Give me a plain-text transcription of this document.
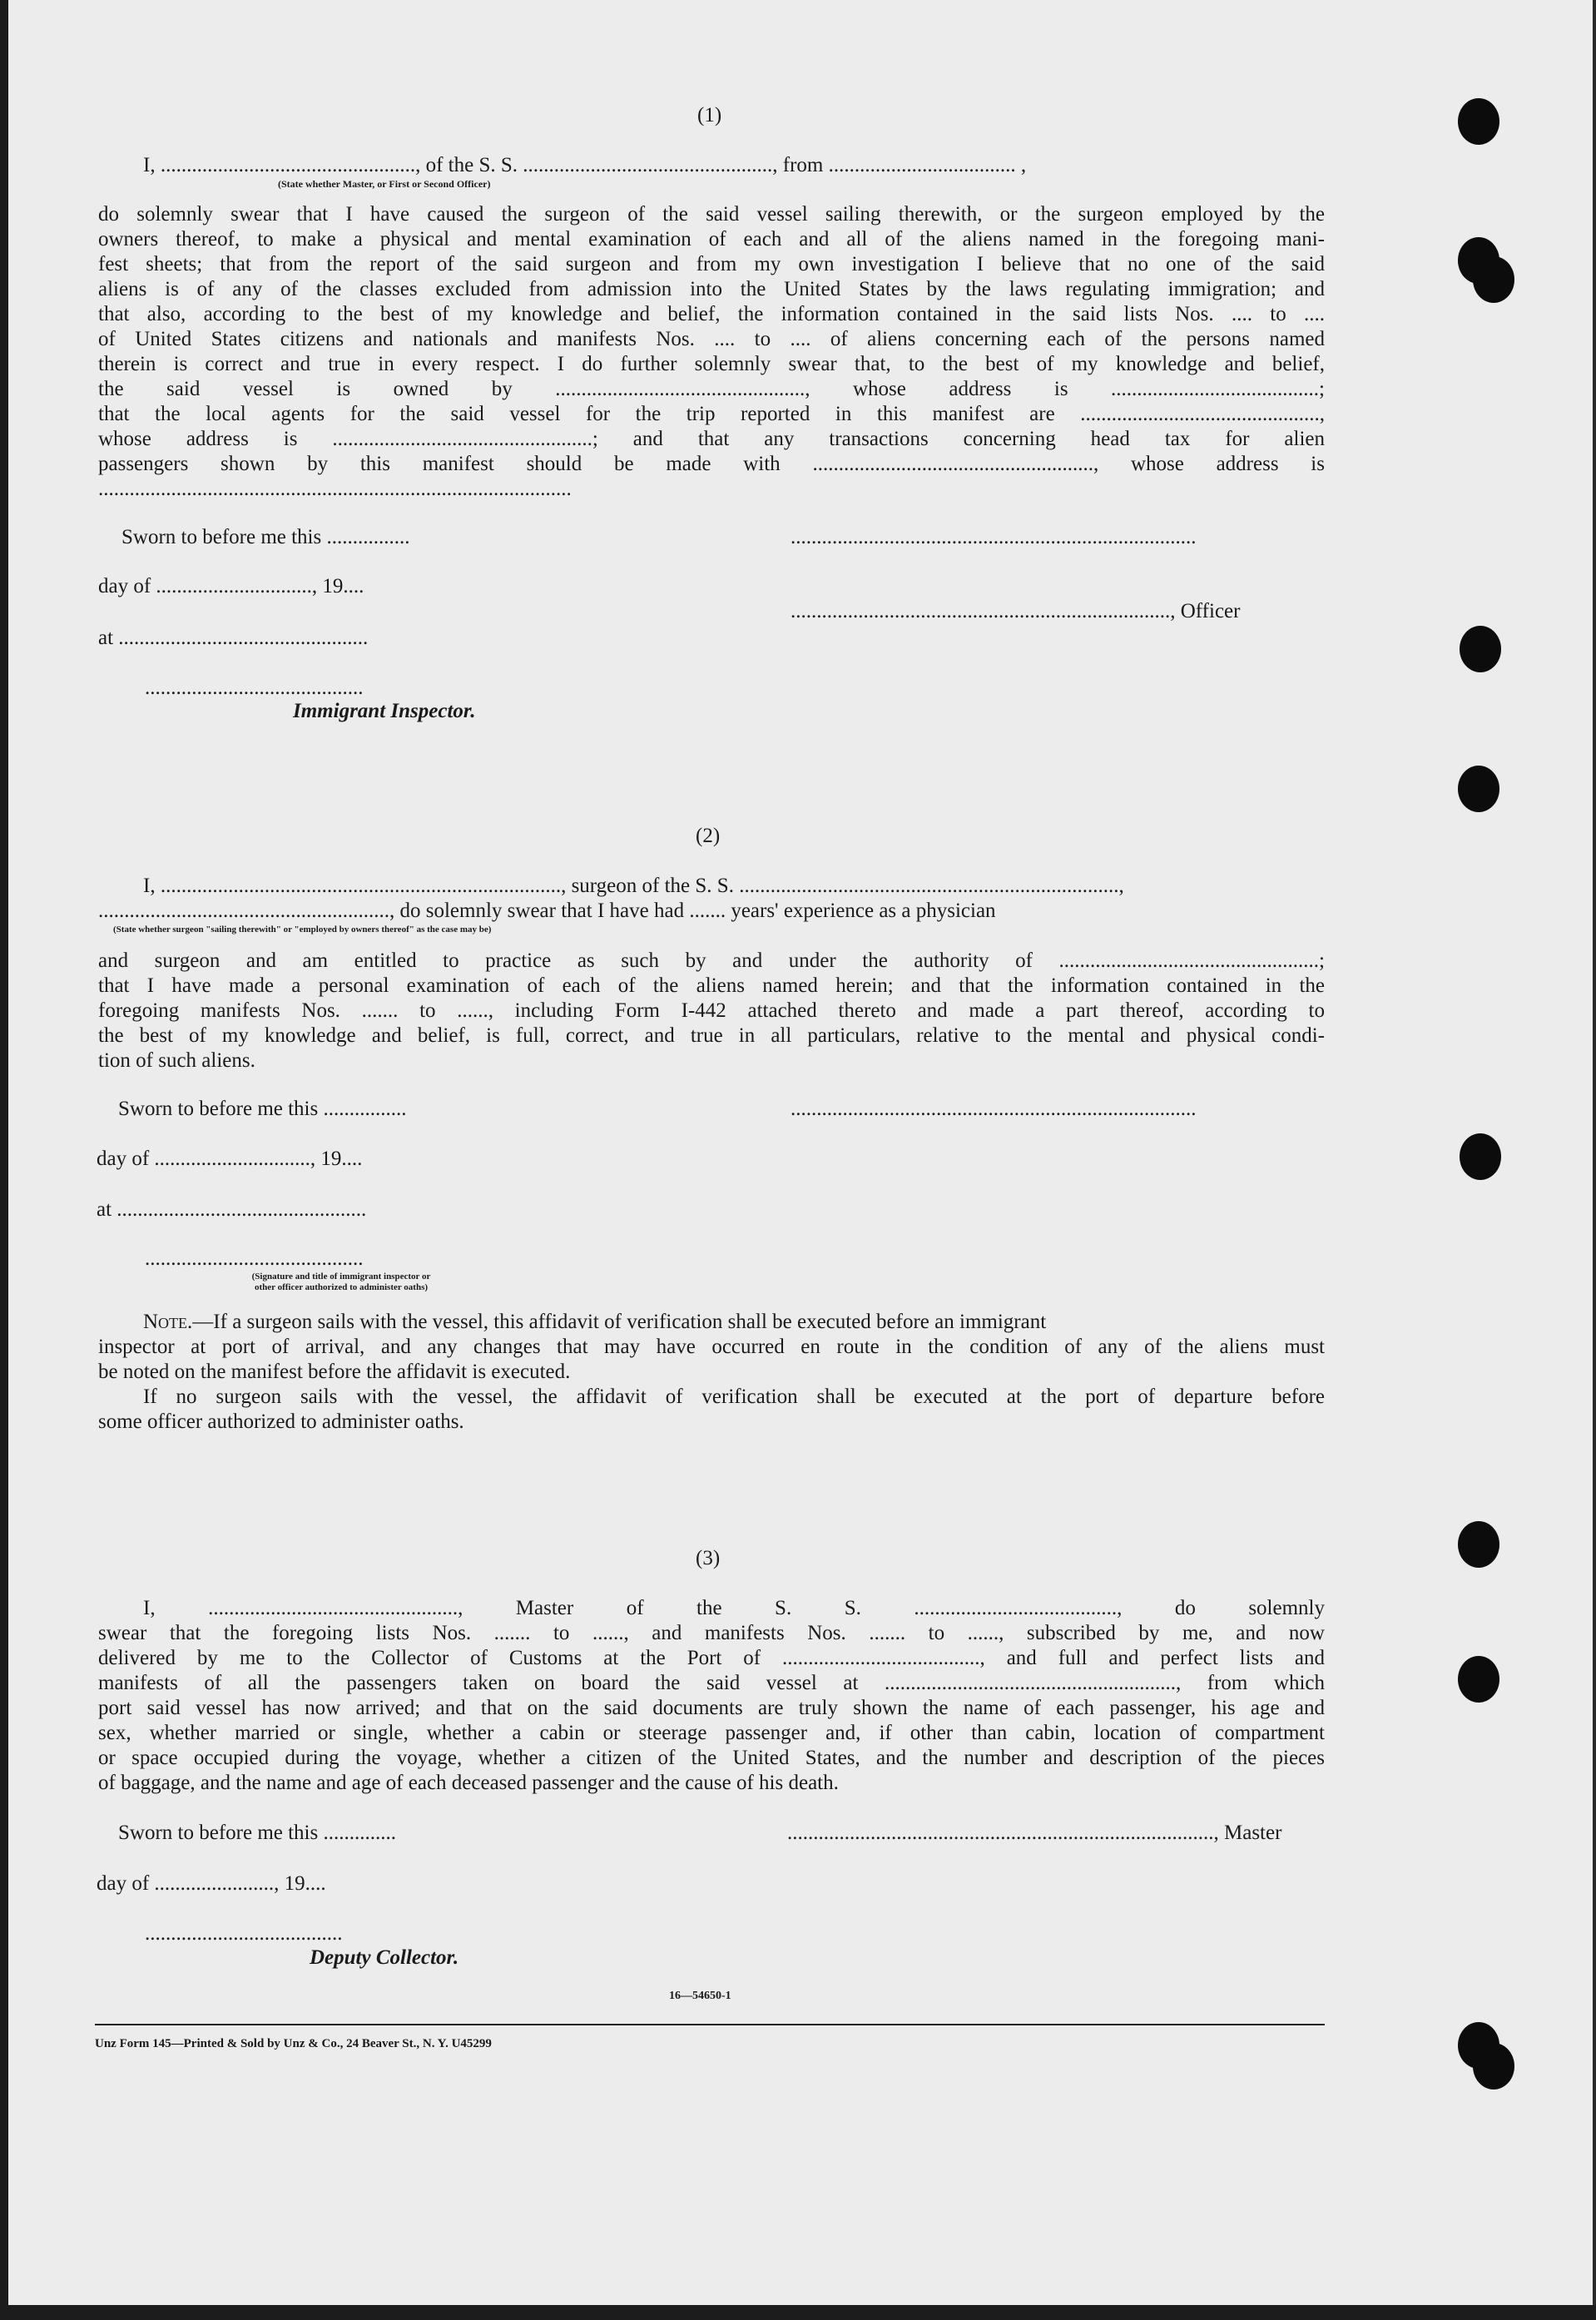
(1)
I, ................................................., of the S. S. ................................................, from .................................... ,
(State whether Master, or First or Second Officer)
do solemnly swear that I have caused the surgeon of the said vessel sailing therewith, or the surgeon employed by the
owners thereof, to make a physical and mental examination of each and all of the aliens named in the foregoing mani-
fest sheets; that from the report of the said surgeon and from my own investigation I believe that no one of the said
aliens is of any of the classes excluded from admission into the United States by the laws regulating immigration; and
that also, according to the best of my knowledge and belief, the information contained in the said lists Nos. .... to ....
of United States citizens and nationals and manifests Nos. .... to .... of aliens concerning each of the persons named
therein is correct and true in every respect. I do further solemnly swear that, to the best of my knowledge and belief,
the said vessel is owned by ................................................, whose address is ........................................;
that the local agents for the said vessel for the trip reported in this manifest are ..............................................,
whose address is ..................................................; and that any transactions concerning head tax for alien
passengers shown by this manifest should be made with ......................................................, whose address is
...........................................................................................
Sworn to before me this ................	..............................................................................
day of .............................., 19....
........................................................................., Officer
at ................................................
..........................................
Immigrant Inspector.
(2)
I, ............................................................................., surgeon of the S. S. .........................................................................,
........................................................, do solemnly swear that I have had ....... years' experience as a physician
(State whether surgeon "sailing therewith" or "employed by owners thereof" as the case may be)
and surgeon and am entitled to practice as such by and under the authority of ..................................................;
that I have made a personal examination of each of the aliens named herein; and that the information contained in the
foregoing manifests Nos. ....... to ......, including Form I-442 attached thereto and made a part thereof, according to
the best of my knowledge and belief, is full, correct, and true in all particulars, relative to the mental and physical condi-
tion of such aliens.
Sworn to before me this ................	..............................................................................
day of .............................., 19....
at ................................................
..........................................
(Signature and title of immigrant inspector or
other officer authorized to administer oaths)
Note.—If a surgeon sails with the vessel, this affidavit of verification shall be executed before an immigrant
inspector at port of arrival, and any changes that may have occurred en route in the condition of any of the aliens must
be noted on the manifest before the affidavit is executed.
If no surgeon sails with the vessel, the affidavit of verification shall be executed at the port of departure before
some officer authorized to administer oaths.
(3)
I, ................................................, Master of the S. S. ......................................., do solemnly
swear that the foregoing lists Nos. ....... to ......, and manifests Nos. ....... to ......, subscribed by me, and now
delivered by me to the Collector of Customs at the Port of ......................................, and full and perfect lists and
manifests of all the passengers taken on board the said vessel at ........................................................, from which
port said vessel has now arrived; and that on the said documents are truly shown the name of each passenger, his age and
sex, whether married or single, whether a cabin or steerage passenger and, if other than cabin, location of compartment
or space occupied during the voyage, whether a citizen of the United States, and the number and description of the pieces
of baggage, and the name and age of each deceased passenger and the cause of his death.
Sworn to before me this ..............	.................................................................................., Master
day of ......................., 19....
......................................
Deputy Collector.
16—54650-1
Unz Form 145—Printed & Sold by Unz & Co., 24 Beaver St., N. Y. U45299
